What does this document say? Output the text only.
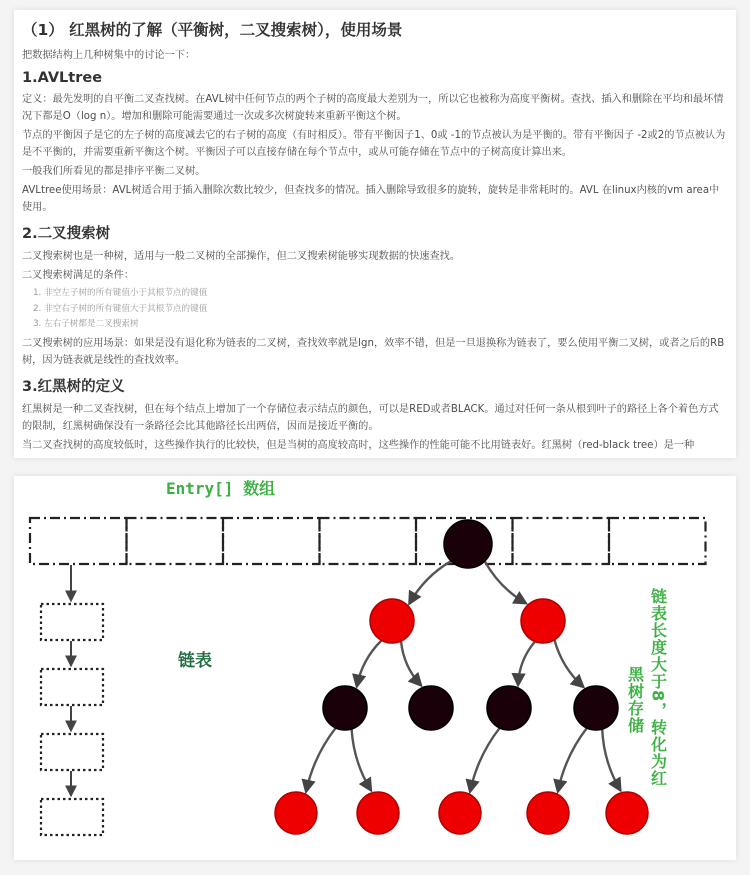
（1） 红黑树的了解（平衡树，二叉搜索树），使用场景

把数据结构上几种树集中的讨论一下：

1.AVLtree

定义：最先发明的自平衡二叉查找树。在AVL树中任何节点的两个子树的高度最大差别为一，所以它也被称为高度平衡树。查找、插入和删除在平均和最坏情况下都是O（log n）。增加和删除可能需要通过一次或多次树旋转来重新平衡这个树。

节点的平衡因子是它的左子树的高度减去它的右子树的高度（有时相反）。带有平衡因子1、0或 -1的节点被认为是平衡的。带有平衡因子 -2或2的节点被认为是不平衡的，并需要重新平衡这个树。平衡因子可以直接存储在每个节点中，或从可能存储在节点中的子树高度计算出来。

一般我们所看见的都是排序平衡二叉树。

AVLtree使用场景：AVL树适合用于插入删除次数比较少，但查找多的情况。插入删除导致很多的旋转，旋转是非常耗时的。AVL 在linux内核的vm area中使用。

2.二叉搜索树

二叉搜索树也是一种树，适用与一般二叉树的全部操作，但二叉搜索树能够实现数据的快速查找。

二叉搜索树满足的条件：

1. 非空左子树的所有键值小于其根节点的键值
2. 非空右子树的所有键值大于其根节点的键值
3. 左右子树都是二叉搜索树

二叉搜索树的应用场景：如果是没有退化称为链表的二叉树，查找效率就是lgn，效率不错，但是一旦退换称为链表了，要么使用平衡二叉树，或者之后的RB树，因为链表就是线性的查找效率。

3.红黑树的定义

红黑树是一种二叉查找树，但在每个结点上增加了一个存储位表示结点的颜色，可以是RED或者BLACK。通过对任何一条从根到叶子的路径上各个着色方式的限制，红黑树确保没有一条路径会比其他路径长出两倍，因而是接近平衡的。

当二叉查找树的高度较低时，这些操作执行的比较快，但是当树的高度较高时，这些操作的性能可能不比用链表好。红黑树（red-black tree）是一种

Entry[] 数组
链表	链表长度大于8，转化为红
黑树存储
